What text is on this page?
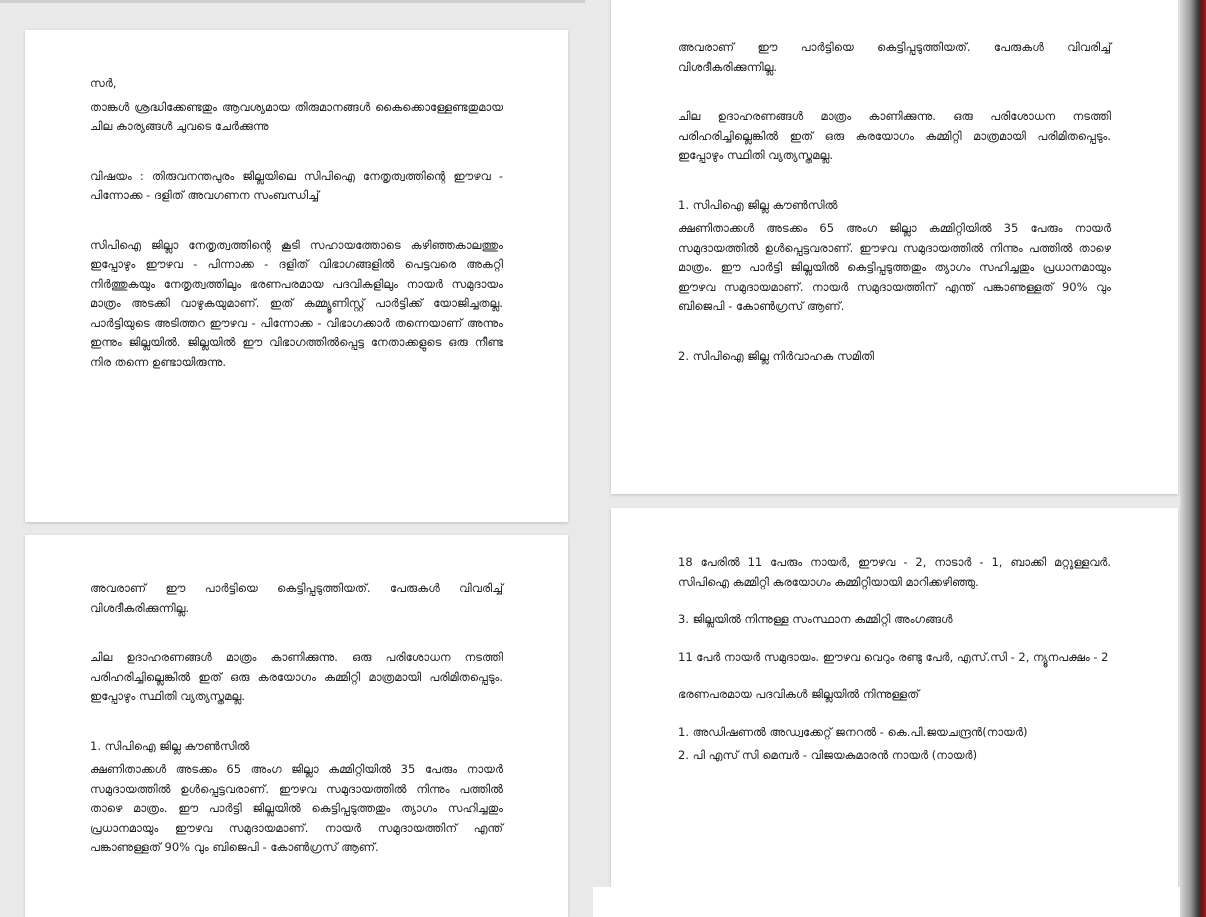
സർ,

താങ്കൾ ശ്രദ്ധിക്കേണ്ടതും ആവശ്യമായ തിരുമാനങ്ങൾ കൈക്കൊള്ളേണ്ടതുമായ ചില കാര്യങ്ങൾ ചുവടെ ചേർക്കുന്നു

വിഷയം : തിരുവനന്തപുരം ജില്ലയിലെ സിപിഐ നേതൃത്വത്തിന്റെ ഈഴവ - പിന്നോക്ക - ദളിത് അവഗണന സംബന്ധിച്ച്

സിപിഐ ജില്ലാ നേതൃത്വത്തിന്റെ കൂടി സഹായത്തോടെ കഴിഞ്ഞകാലത്തും ഇപ്പോഴും ഈഴവ - പിന്നാക്ക - ദളിത് വിഭാഗങ്ങളിൽ പെട്ടവരെ അകറ്റി നിർത്തുകയും നേതൃത്വത്തിലും ഭരണപരമായ പദവികളിലും നായർ സമുദായം മാത്രം അടക്കി വാഴുകയുമാണ്. ഇത് കമ്മ്യൂണിസ്റ്റ് പാർട്ടിക്ക് യോജിച്ചതല്ല. പാർട്ടിയുടെ അടിത്തറ ഈഴവ - പിന്നോക്ക - വിഭാഗക്കാർ തന്നെയാണ് അന്നും ഇന്നും ജില്ലയിൽ. ജില്ലയിൽ ഈ വിഭാഗത്തിൽപ്പെട്ട നേതാക്കളുടെ ഒരു നീണ്ട നിര തന്നെ ഉണ്ടായിരുന്നു.

അവരാണ് ഈ പാർട്ടിയെ കെട്ടിപ്പടുത്തിയത്. പേരുകൾ വിവരിച്ച് വിശദീകരിക്കുന്നില്ല.

ചില ഉദാഹരണങ്ങൾ മാത്രം കാണിക്കുന്നു. ഒരു പരിശോധന നടത്തി പരിഹരിച്ചില്ലെങ്കിൽ ഇത് ഒരു കരയോഗം കമ്മിറ്റി മാത്രമായി പരിമിതപ്പെടും. ഇപ്പോഴും സ്ഥിതി വ്യത്യസ്തമല്ല.

1. സിപിഐ ജില്ല കൗൺസിൽ

ക്ഷണിതാക്കൾ അടക്കം 65 അംഗ ജില്ലാ കമ്മിറ്റിയിൽ 35 പേരും നായർ സമുദായത്തിൽ ഉൾപ്പെട്ടവരാണ്. ഈഴവ സമുദായത്തിൽ നിന്നും പത്തിൽ താഴെ മാത്രം. ഈ പാർട്ടി ജില്ലയിൽ കെട്ടിപ്പടുത്തതും ത്യാഗം സഹിച്ചതും പ്രധാനമായും ഈഴവ സമുദായമാണ്. നായർ സമുദായത്തിന് എന്ത് പങ്കാണുള്ളത് 90% വും ബിജെപി - കോൺഗ്രസ് ആണ്.

അവരാണ് ഈ പാർട്ടിയെ കെട്ടിപ്പടുത്തിയത്. പേരുകൾ വിവരിച്ച് വിശദീകരിക്കുന്നില്ല.

ചില ഉദാഹരണങ്ങൾ മാത്രം കാണിക്കുന്നു. ഒരു പരിശോധന നടത്തി പരിഹരിച്ചില്ലെങ്കിൽ ഇത് ഒരു കരയോഗം കമ്മിറ്റി മാത്രമായി പരിമിതപ്പെടും. ഇപ്പോഴും സ്ഥിതി വ്യത്യസ്തമല്ല.

1. സിപിഐ ജില്ല കൗൺസിൽ

ക്ഷണിതാക്കൾ അടക്കം 65 അംഗ ജില്ലാ കമ്മിറ്റിയിൽ 35 പേരും നായർ സമുദായത്തിൽ ഉൾപ്പെട്ടവരാണ്. ഈഴവ സമുദായത്തിൽ നിന്നും പത്തിൽ താഴെ മാത്രം. ഈ പാർട്ടി ജില്ലയിൽ കെട്ടിപ്പടുത്തതും ത്യാഗം സഹിച്ചതും പ്രധാനമായും ഈഴവ സമുദായമാണ്. നായർ സമുദായത്തിന് എന്ത് പങ്കാണുള്ളത് 90% വും ബിജെപി - കോൺഗ്രസ് ആണ്.

2. സിപിഐ ജില്ല നിർവാഹക സമിതി

18 പേരിൽ 11 പേരും നായർ, ഈഴവ - 2, നാടാർ - 1, ബാക്കി മറ്റുള്ളവർ. സിപിഐ കമ്മിറ്റി കരയോഗം കമ്മിറ്റിയായി മാറിക്കഴിഞ്ഞു.

3. ജില്ലയിൽ നിന്നുള്ള സംസ്ഥാന കമ്മിറ്റി അംഗങ്ങൾ

11 പേർ നായർ സമുദായം. ഈഴവ വെറും രണ്ടു പേർ, എസ്.സി - 2, ന്യൂനപക്ഷം - 2

ഭരണപരമായ പദവികൾ ജില്ലയിൽ നിന്നുള്ളത്

1. അഡിഷണൽ അഡ്വക്കേറ്റ് ജനറൽ - കെ.പി.ജയചന്ദ്രൻ(നായർ)

2. പി എസ് സി മെമ്പർ - വിജയകുമാരൻ നായർ (നായർ)
